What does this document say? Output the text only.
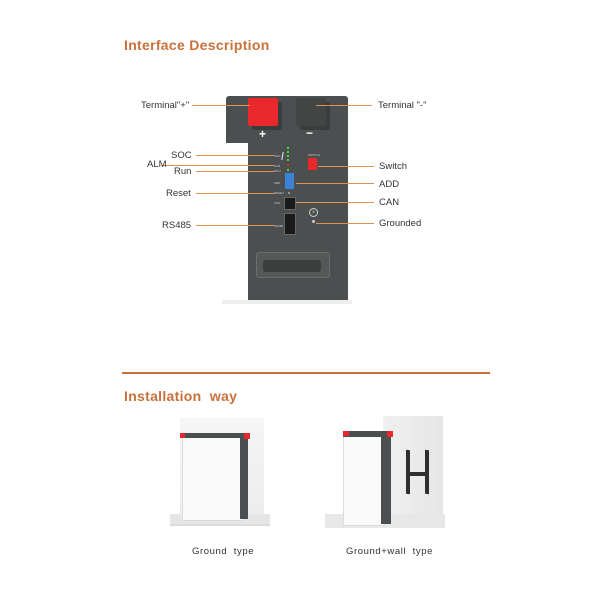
Interface Description
+	−
SOC
ALM
RUN
ADD
RESET
CAN
RS485
SWITCH
⏚
Terminal"+"	Terminal "-"
SOC
ALM
Run
Reset
RS485
Switch
ADD
CAN
Grounded
Installation  way
Ground  type	Ground+wall  type
